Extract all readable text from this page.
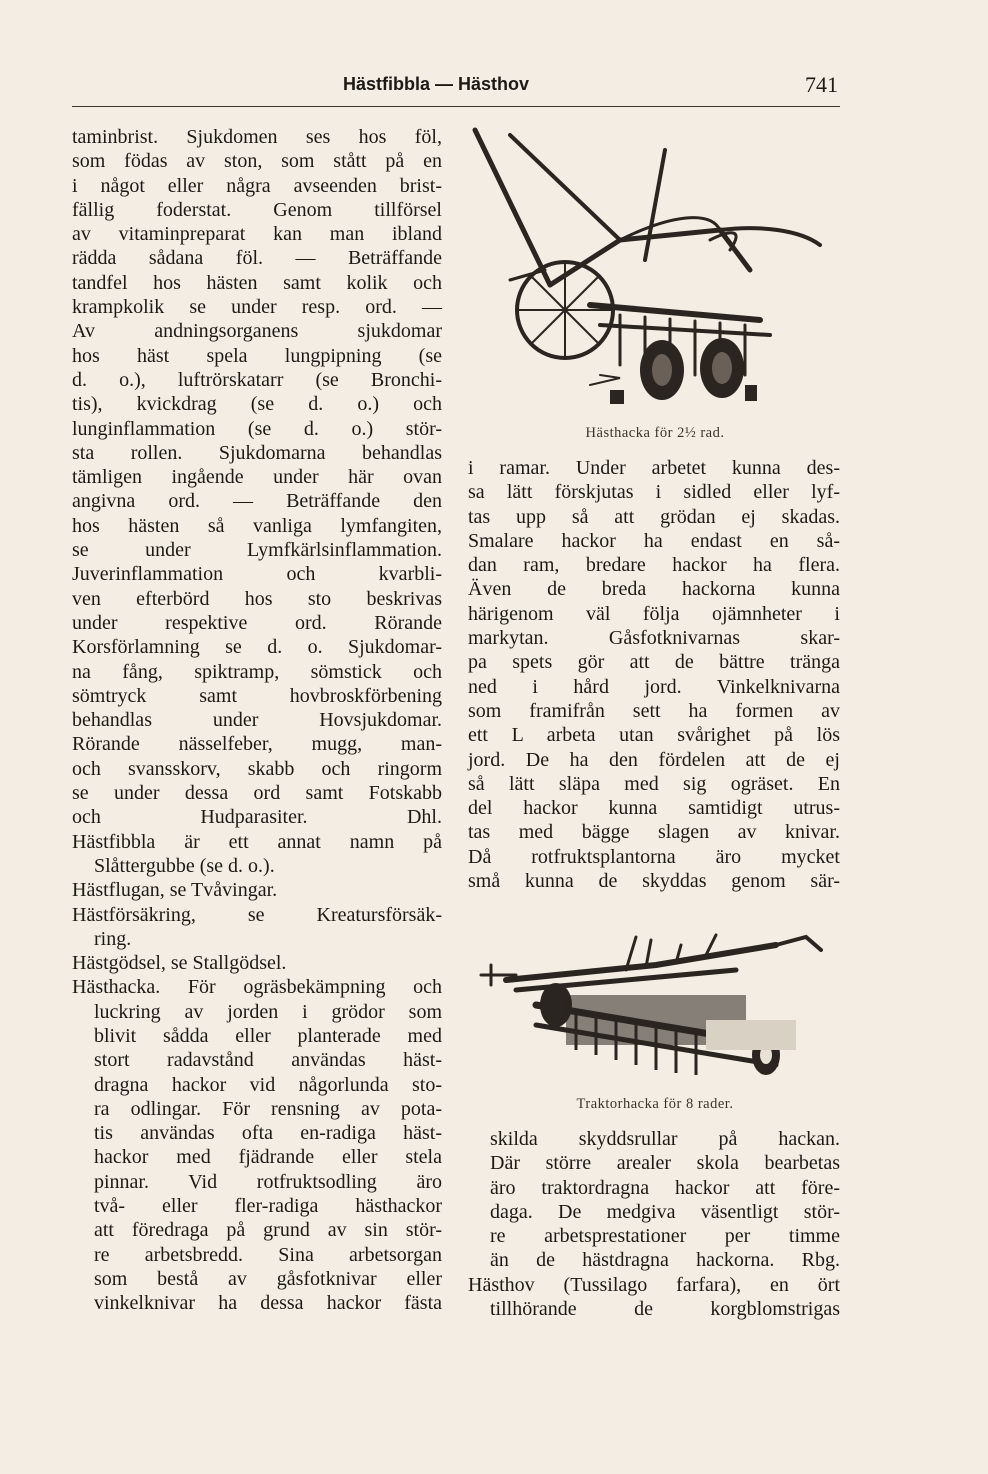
Hästfibbla — Hästhov	741
taminbrist. Sjukdomen ses hos föl,
som födas av ston, som stått på en
i något eller några avseenden brist-
fällig foderstat. Genom tillförsel
av vitaminpreparat kan man ibland
rädda sådana föl. — Beträffande
tandfel hos hästen samt kolik och
krampkolik se under resp. ord. —
Av andningsorganens sjukdomar
hos häst spela lungpipning (se
d. o.), luftrörskatarr (se Bronchi-
tis), kvickdrag (se d. o.) och
lunginflammation (se d. o.) stör-
sta rollen. Sjukdomarna behandlas
tämligen ingående under här ovan
angivna ord. — Beträffande den
hos hästen så vanliga lymfangiten,
se under Lymfkärlsinflammation.
Juverinflammation och kvarbli-
ven efterbörd hos sto beskrivas
under respektive ord. Rörande
Korsförlamning se d. o. Sjukdomar-
na fång, spiktramp, sömstick och
sömtryck samt hovbroskförbening
behandlas under Hovsjukdomar.
Rörande nässelfeber, mugg, man-
och svansskorv, skabb och ringorm
se under dessa ord samt Fotskabb
och Hudparasiter. Dhl.
Hästfibbla är ett annat namn på
Slåttergubbe (se d. o.).
Hästflugan, se Tvåvingar.
Hästförsäkring, se Kreatursförsäk-
ring.
Hästgödsel, se Stallgödsel.
Hästhacka. För ogräsbekämpning och
luckring av jorden i grödor som
blivit sådda eller planterade med
stort radavstånd användas häst-
dragna hackor vid någorlunda sto-
ra odlingar. För rensning av pota-
tis användas ofta en-radiga häst-
hackor med fjädrande eller stela
pinnar. Vid rotfruktsodling äro
två- eller fler-radiga hästhackor
att föredraga på grund av sin stör-
re arbetsbredd. Sina arbetsorgan
som bestå av gåsfotknivar eller
vinkelknivar ha dessa hackor fästa
Hästhacka för 2½ rad.
i ramar. Under arbetet kunna des-
sa lätt förskjutas i sidled eller lyf-
tas upp så att grödan ej skadas.
Smalare hackor ha endast en så-
dan ram, bredare hackor ha flera.
Även de breda hackorna kunna
härigenom väl följa ojämnheter i
markytan. Gåsfotknivarnas skar-
pa spets gör att de bättre tränga
ned i hård jord. Vinkelknivarna
som framifrån sett ha formen av
ett L arbeta utan svårighet på lös
jord. De ha den fördelen att de ej
så lätt släpa med sig ogräset. En
del hackor kunna samtidigt utrus-
tas med bägge slagen av knivar.
Då rotfruktsplantorna äro mycket
små kunna de skyddas genom sär-
Traktorhacka för 8 rader.
skilda skyddsrullar på hackan.
Där större arealer skola bearbetas
äro traktordragna hackor att före-
daga. De medgiva väsentligt stör-
re arbetsprestationer per timme
än de hästdragna hackorna. Rbg.
Hästhov (Tussilago farfara), en ört
tillhörande de korgblomstrigas
